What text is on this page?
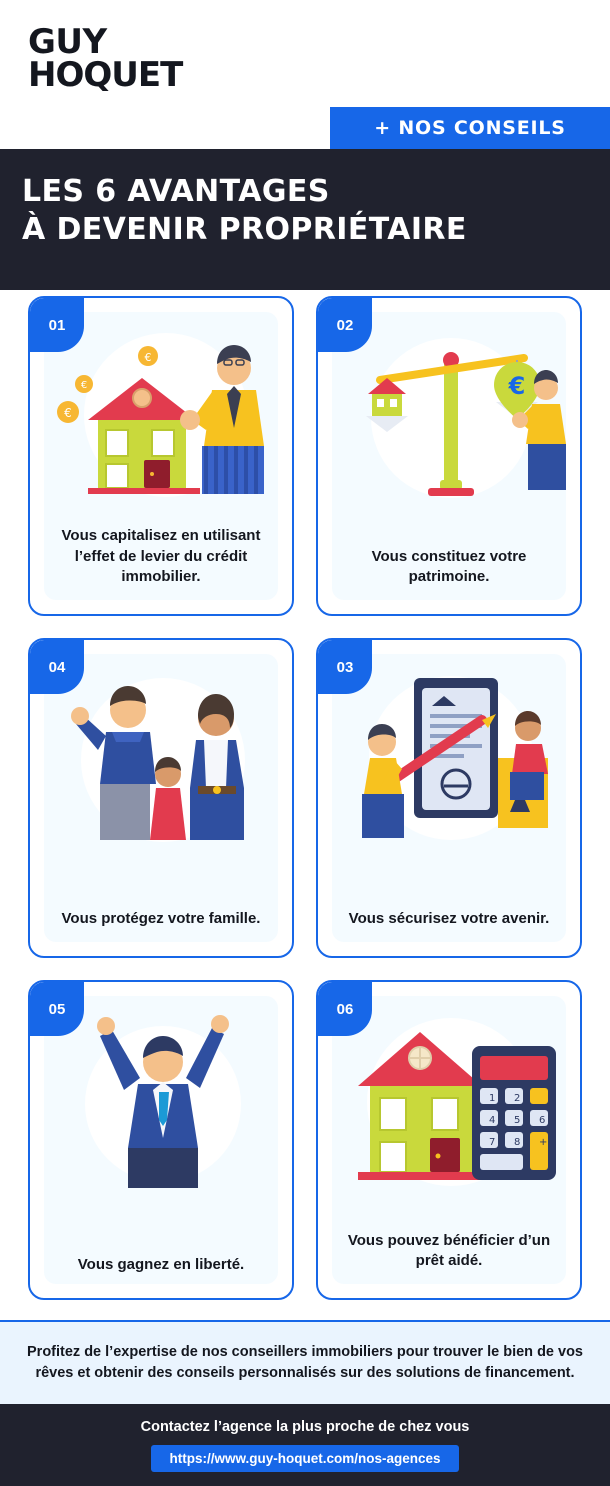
GUY
HOQUET
+ NOS CONSEILS
LES 6 AVANTAGES
À DEVENIR PROPRIÉTAIRE
01
€
€
€
Vous capitalisez en utilisant l’effet de levier du crédit immobilier.
02
€
Vous constituez votre patrimoine.
04
Vous protégez votre famille.
03
Vous sécurisez votre avenir.
05
Vous gagnez en liberté.
06
1 2
4 5 6
7 8 +
Vous pouvez bénéficier d’un prêt aidé.

Profitez de l’expertise de nos conseillers immobiliers pour trouver le bien de vos rêves et obtenir des conseils personnalisés sur des solutions de financement.

Contactez l’agence la plus proche de chez vous
https://www.guy-hoquet.com/nos-agences
